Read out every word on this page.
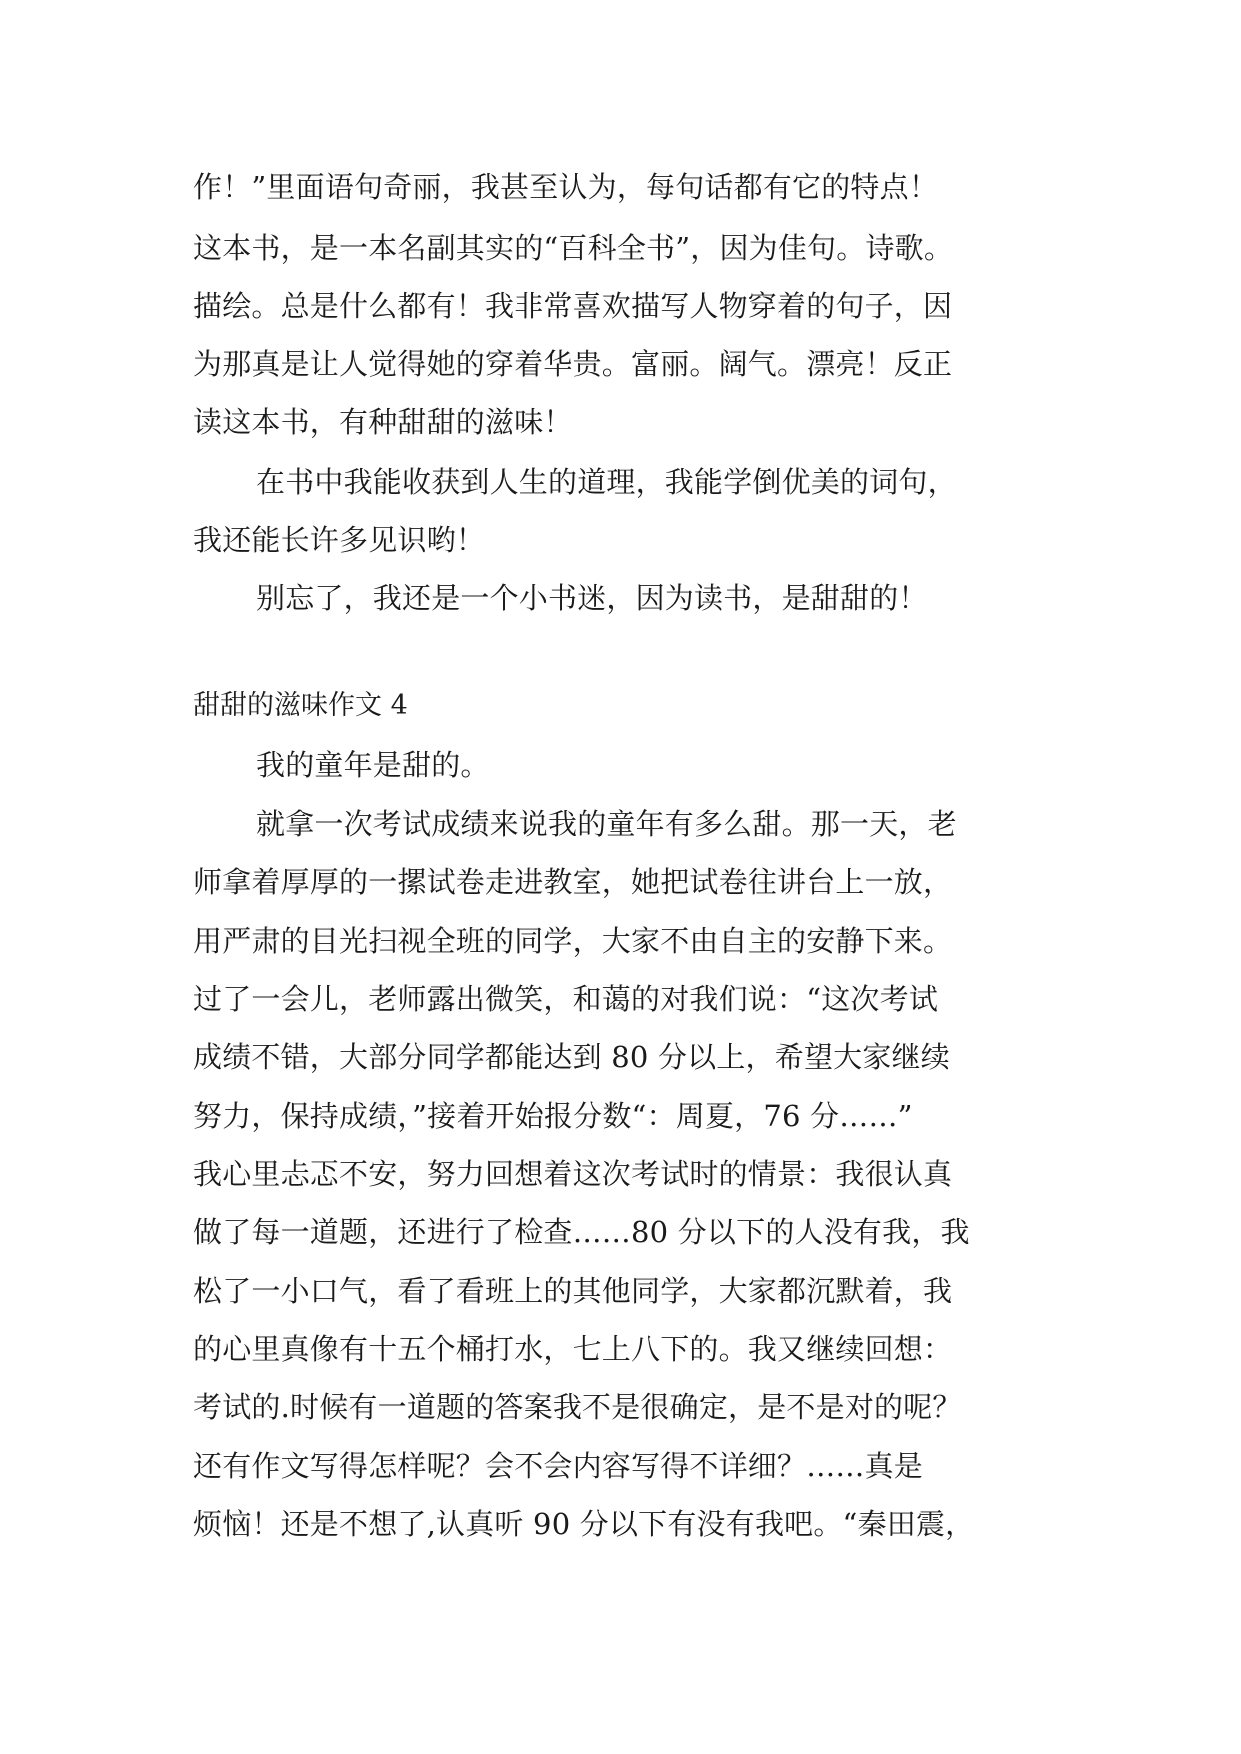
作！”里面语句奇丽，我甚至认为，每句话都有它的特点！
这本书，是一本名副其实的“百科全书”，因为佳句。诗歌。
描绘。总是什么都有！我非常喜欢描写人物穿着的句子，因
为那真是让人觉得她的穿着华贵。富丽。阔气。漂亮！反正
读这本书，有种甜甜的滋味！
在书中我能收获到人生的道理，我能学倒优美的词句，
我还能长许多见识哟！
别忘了，我还是一个小书迷，因为读书，是甜甜的！
甜甜的滋味作文 4
我的童年是甜的。
就拿一次考试成绩来说我的童年有多么甜。那一天，老
师拿着厚厚的一摞试卷走进教室，她把试卷往讲台上一放，
用严肃的目光扫视全班的同学，大家不由自主的安静下来。
过了一会儿，老师露出微笑，和蔼的对我们说：“这次考试
成绩不错，大部分同学都能达到 80 分以上，希望大家继续
努力，保持成绩，”接着开始报分数“：周夏，76 分……”
我心里忐忑不安，努力回想着这次考试时的情景：我很认真
做了每一道题，还进行了检查……80 分以下的人没有我，我
松了一小口气，看了看班上的其他同学，大家都沉默着，我
的心里真像有十五个桶打水，七上八下的。我又继续回想：
考试的.时候有一道题的答案我不是很确定，是不是对的呢？
还有作文写得怎样呢？会不会内容写得不详细？……真是
烦恼！还是不想了,认真听 90 分以下有没有我吧。“秦田震，
